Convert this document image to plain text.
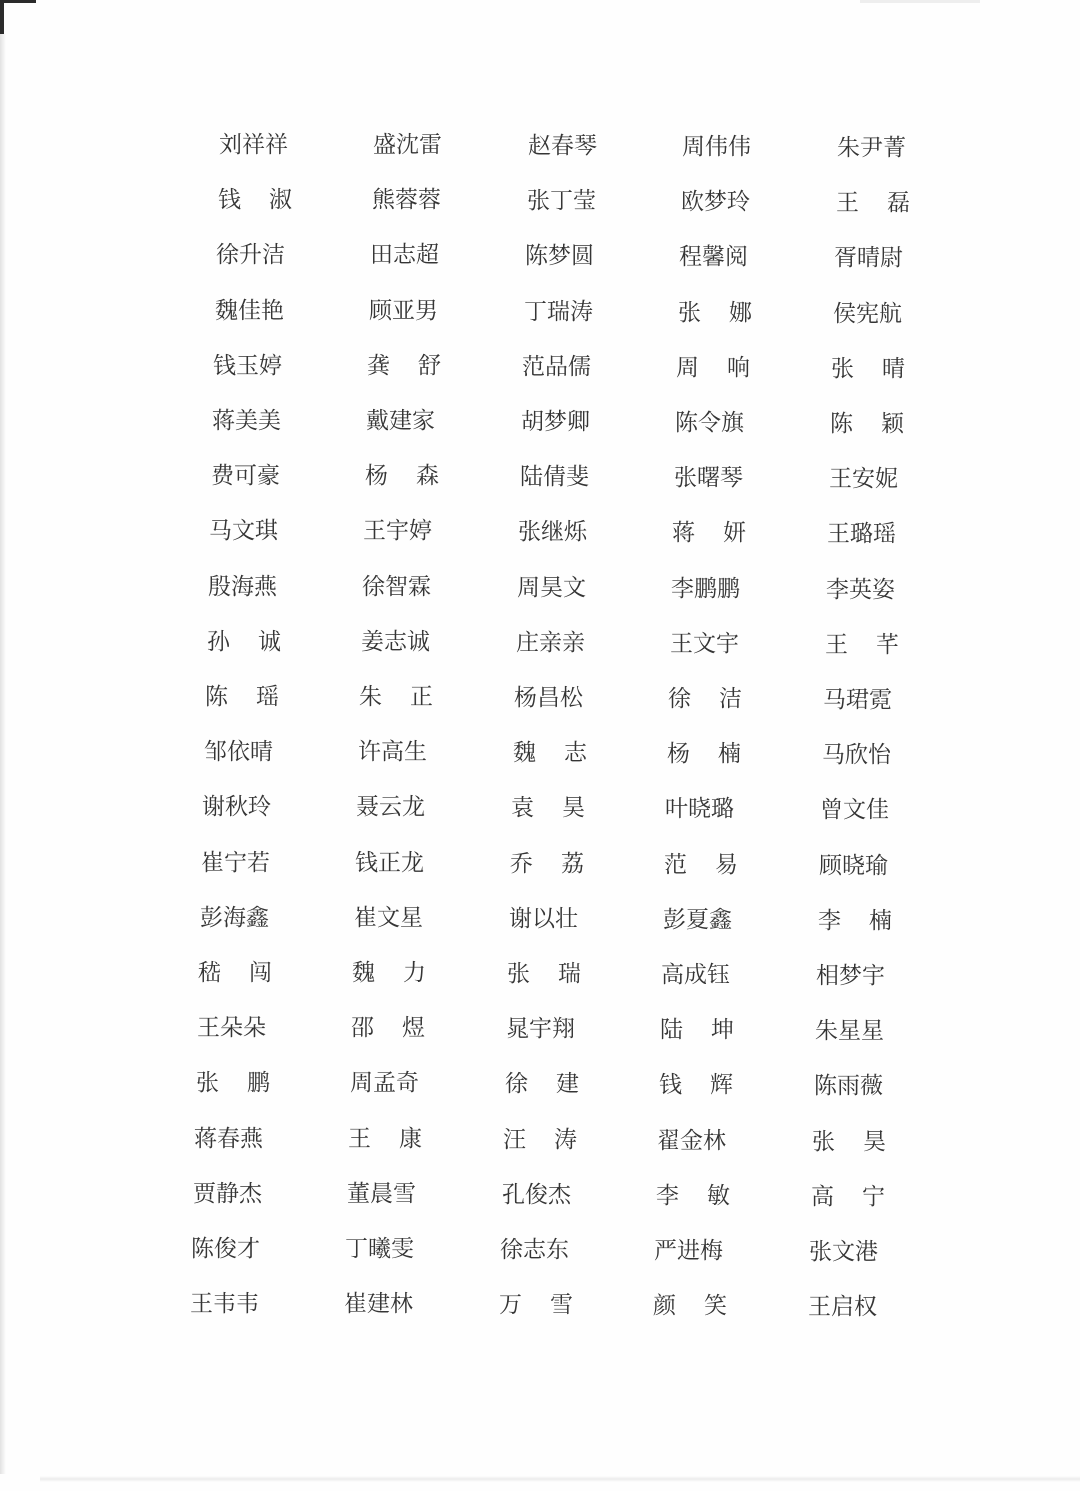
刘祥祥	盛沈雷	赵春琴	周伟伟	朱尹菁
钱 淑	熊蓉蓉	张丁莹	欧梦玲	王 磊
徐升洁	田志超	陈梦圆	程馨阅	胥晴尉
魏佳艳	顾亚男	丁瑞涛	张 娜	侯宪航
钱玉婷	龚 舒	范品儒	周 响	张 晴
蒋美美	戴建家	胡梦卿	陈令旗	陈 颖
费可豪	杨 森	陆倩斐	张曙琴	王安妮
马文琪	王宇婷	张继烁	蒋 妍	王璐瑶
殷海燕	徐智霖	周昊文	李鹏鹏	李英姿
孙 诚	姜志诚	庄亲亲	王文宇	王 芊
陈 瑶	朱 正	杨昌松	徐 洁	马珺霓
邹依晴	许高生	魏 志	杨 楠	马欣怡
谢秋玲	聂云龙	袁 昊	叶晓璐	曾文佳
崔宁若	钱正龙	乔 荔	范 易	顾晓瑜
彭海鑫	崔文星	谢以壮	彭夏鑫	李 楠
嵇 闯	魏 力	张 瑞	高成钰	相梦宇
王朵朵	邵 煜	晁宇翔	陆 坤	朱星星
张 鹏	周孟奇	徐 建	钱 辉	陈雨薇
蒋春燕	王 康	汪 涛	翟金林	张 昊
贾静杰	董晨雪	孔俊杰	李 敏	高 宁
陈俊才	丁曦雯	徐志东	严进梅	张文港
王韦韦	崔建林	万 雪	颜 笑	王启权
